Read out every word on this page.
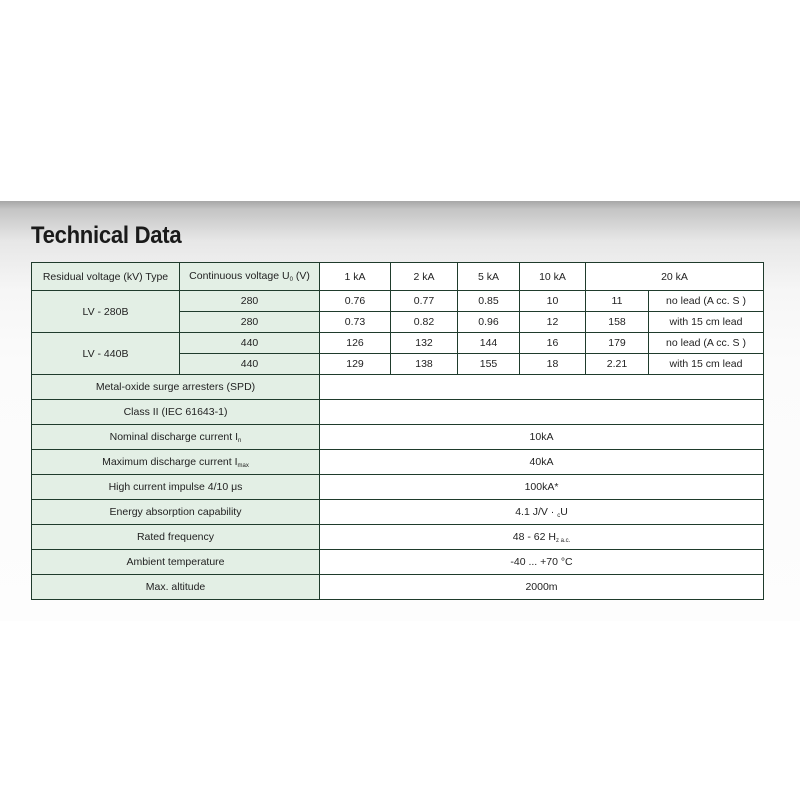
Technical Data
Residual voltage (kV) Type	Continuous voltage $U_0$ (V)	1 kA	2 kA	5 kA	10 kA	20 kA	
LV - 280B	280	0.76	0.77	0.85	10	11	no lead (A cc. S )
	280	0.73	0.82	0.96	12	158	with 15 cm lead
LV - 440B	440	126	132	144	16	179	no lead (A cc. S )
	440	129	138	155	18	2.21	with 15 cm lead
Metal-oxide surge arresters (SPD)							
Class II (IEC 61643-1)							
Nominal discharge current $I_n$		10kA					
Maximum discharge current $I_{max}$		40kA					
High current impulse 4/10 μs		100kA*					
Energy absorption capability		4.1 J/V · cU					
Rated frequency		48 - 62 $H_{z a.c.}$
Ambient temperature		-40 ... +70 °C					
Max. altitude		2000m					
